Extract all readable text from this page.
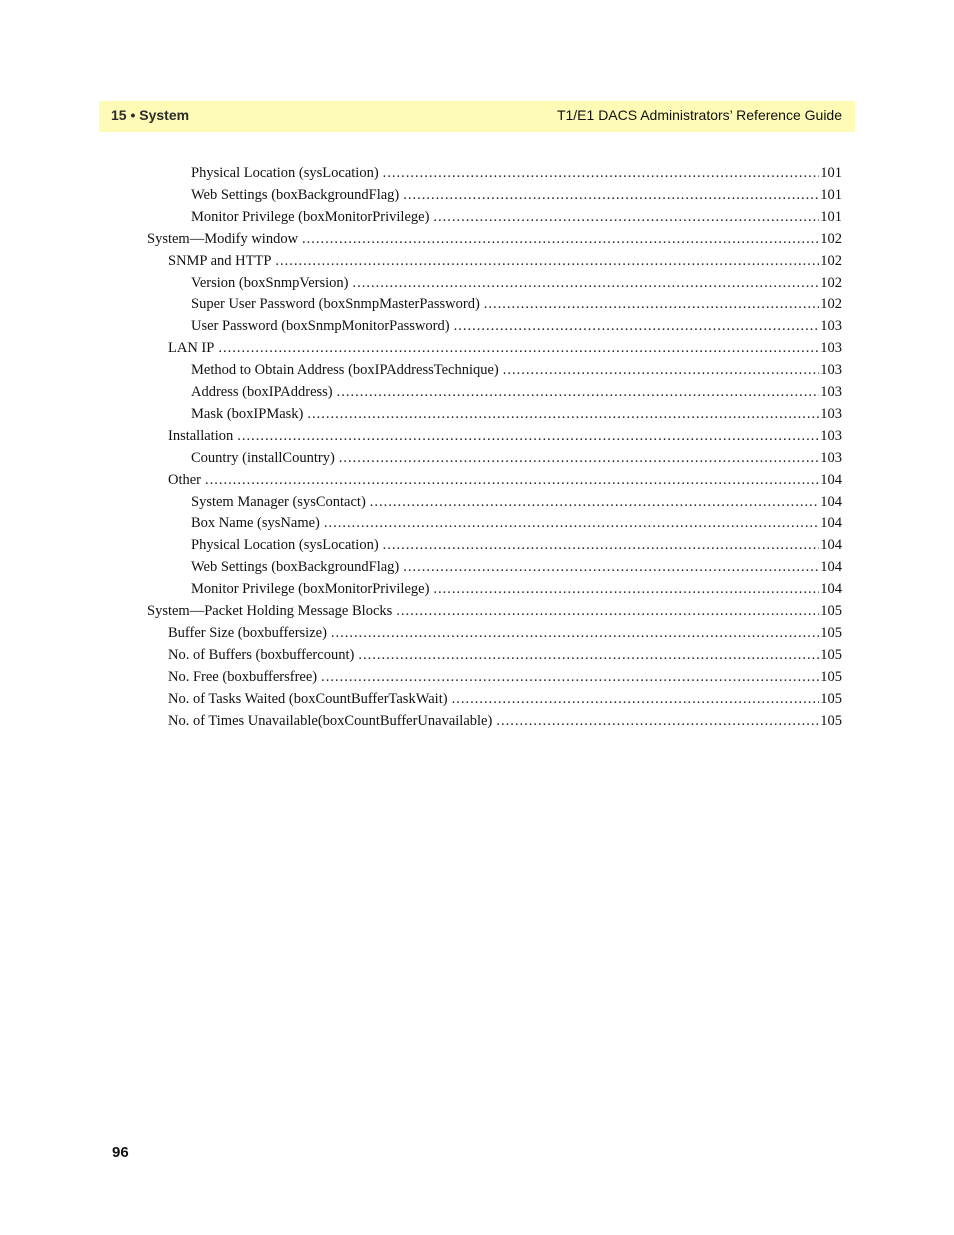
15 • System	T1/E1 DACS Administrators’ Reference Guide
Physical Location (sysLocation) .....	101
Web Settings (boxBackgroundFlag) .....	101
Monitor Privilege (boxMonitorPrivilege) .....	101
System—Modify window .....	102
SNMP and HTTP .....	102
Version (boxSnmpVersion) .....	102
Super User Password (boxSnmpMasterPassword) .....	102
User Password (boxSnmpMonitorPassword) .....	103
LAN IP .....	103
Method to Obtain Address (boxIPAddressTechnique) .....	103
Address (boxIPAddress) .....	103
Mask (boxIPMask) .....	103
Installation .....	103
Country (installCountry) .....	103
Other .....	104
System Manager (sysContact) .....	104
Box Name (sysName) .....	104
Physical Location (sysLocation) .....	104
Web Settings (boxBackgroundFlag) .....	104
Monitor Privilege (boxMonitorPrivilege) .....	104
System—Packet Holding Message Blocks .....	105
Buffer Size (boxbuffersize) .....	105
No. of Buffers (boxbuffercount) .....	105
No. Free (boxbuffersfree) .....	105
No. of Tasks Waited (boxCountBufferTaskWait) .....	105
No. of Times Unavailable(boxCountBufferUnavailable) .....	105
96
